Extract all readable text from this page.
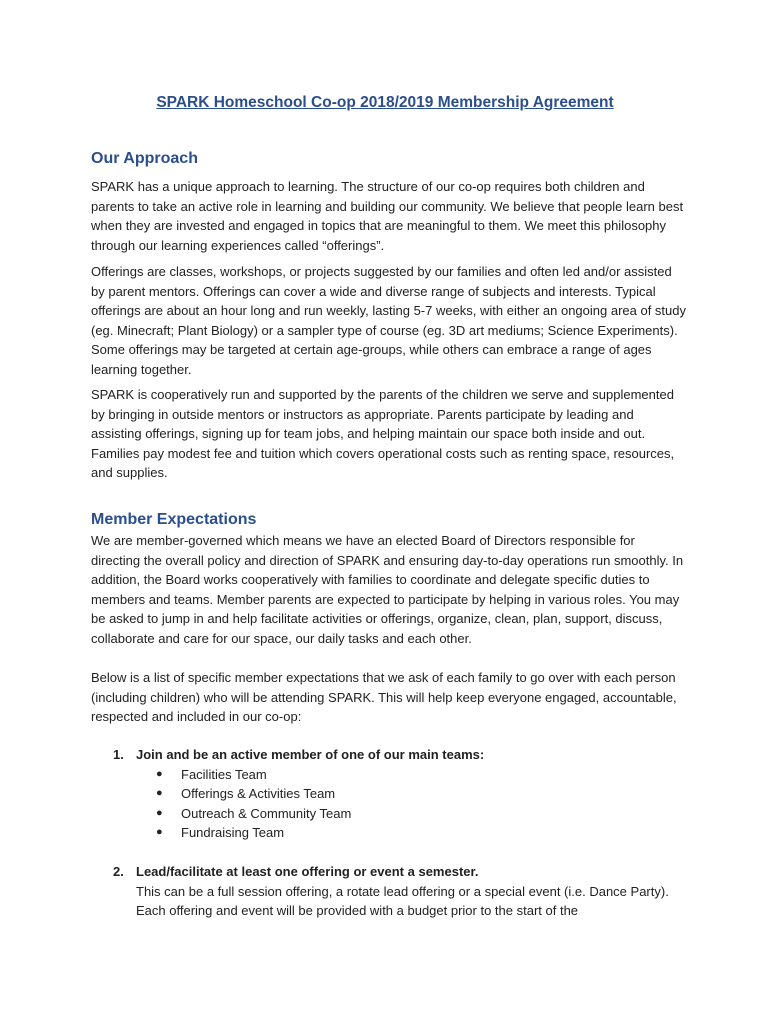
SPARK Homeschool Co-op 2018/2019 Membership Agreement
Our Approach

SPARK has a unique approach to learning. The structure of our co-op requires both children and parents to take an active role in learning and building our community. We believe that people learn best when they are invested and engaged in topics that are meaningful to them. We meet this philosophy through our learning experiences called “offerings”.

Offerings are classes, workshops, or projects suggested by our families and often led and/or assisted by parent mentors. Offerings can cover a wide and diverse range of subjects and interests. Typical offerings are about an hour long and run weekly, lasting 5-7 weeks, with either an ongoing area of study (eg. Minecraft; Plant Biology) or a sampler type of course (eg. 3D art mediums; Science Experiments). Some offerings may be targeted at certain age-groups, while others can embrace a range of ages learning together.

SPARK is cooperatively run and supported by the parents of the children we serve and supplemented by bringing in outside mentors or instructors as appropriate. Parents participate by leading and assisting offerings, signing up for team jobs, and helping maintain our space both inside and out. Families pay modest fee and tuition which covers operational costs such as renting space, resources, and supplies.

Member Expectations

We are member-governed which means we have an elected Board of Directors responsible for directing the overall policy and direction of SPARK and ensuring day-to-day operations run smoothly. In addition, the Board works cooperatively with families to coordinate and delegate specific duties to members and teams. Member parents are expected to participate by helping in various roles. You may be asked to jump in and help facilitate activities or offerings, organize, clean, plan, support, discuss, collaborate and care for our space, our daily tasks and each other.

Below is a list of specific member expectations that we ask of each family to go over with each person (including children) who will be attending SPARK. This will help keep everyone engaged, accountable, respected and included in our co-op:

1. Join and be an active member of one of our main teams:
● Facilities Team
● Offerings & Activities Team
● Outreach & Community Team
● Fundraising Team
2. Lead/facilitate at least one offering or event a semester.
This can be a full session offering, a rotate lead offering or a special event (i.e. Dance Party). Each offering and event will be provided with a budget prior to the start of the
